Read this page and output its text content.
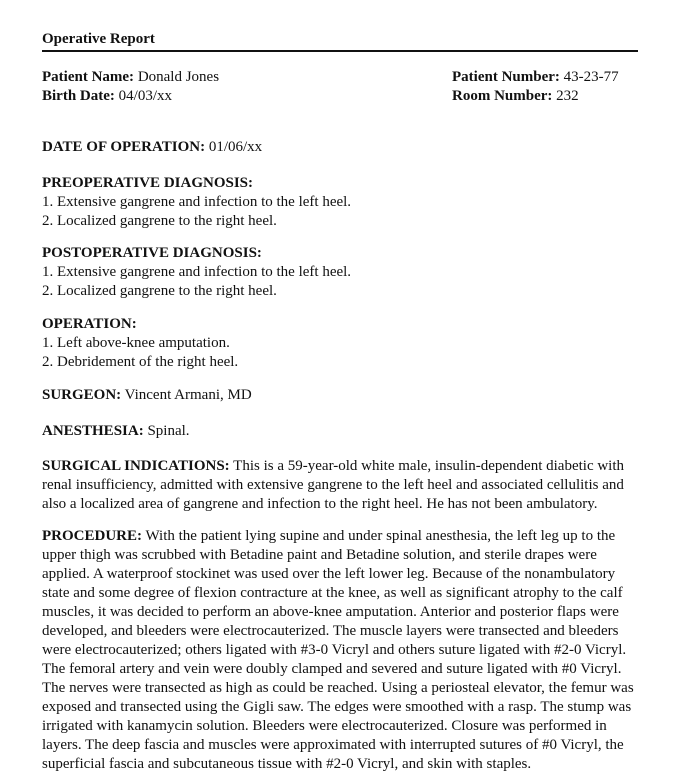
Operative Report
Patient Name: Donald Jones
Birth Date: 04/03/xx
Patient Number: 43-23-77
Room Number: 232
DATE OF OPERATION: 01/06/xx
PREOPERATIVE DIAGNOSIS:
1. Extensive gangrene and infection to the left heel.
2. Localized gangrene to the right heel.
POSTOPERATIVE DIAGNOSIS:
1. Extensive gangrene and infection to the left heel.
2. Localized gangrene to the right heel.
OPERATION:
1. Left above-knee amputation.
2. Debridement of the right heel.
SURGEON: Vincent Armani, MD
ANESTHESIA: Spinal.

SURGICAL INDICATIONS: This is a 59-year-old white male, insulin-dependent diabetic with renal insufficiency, admitted with extensive gangrene to the left heel and associated cellulitis and also a localized area of gangrene and infection to the right heel. He has not been ambulatory.

PROCEDURE: With the patient lying supine and under spinal anesthesia, the left leg up to the upper thigh was scrubbed with Betadine paint and Betadine solution, and sterile drapes were applied. A waterproof stockinet was used over the left lower leg. Because of the nonambulatory state and some degree of flexion contracture at the knee, as well as significant atrophy to the calf muscles, it was decided to perform an above-knee amputation. Anterior and posterior flaps were developed, and bleeders were electrocauterized. The muscle layers were transected and bleeders were electrocauterized; others ligated with #3-0 Vicryl and others suture ligated with #2-0 Vicryl. The femoral artery and vein were doubly clamped and severed and suture ligated with #0 Vicryl. The nerves were transected as high as could be reached. Using a periosteal elevator, the femur was exposed and transected using the Gigli saw. The edges were smoothed with a rasp. The stump was irrigated with kanamycin solution. Bleeders were electrocauterized. Closure was performed in layers. The deep fascia and muscles were approximated with interrupted sutures of #0 Vicryl, the superficial fascia and subcutaneous tissue with #2-0 Vicryl, and skin with staples.
